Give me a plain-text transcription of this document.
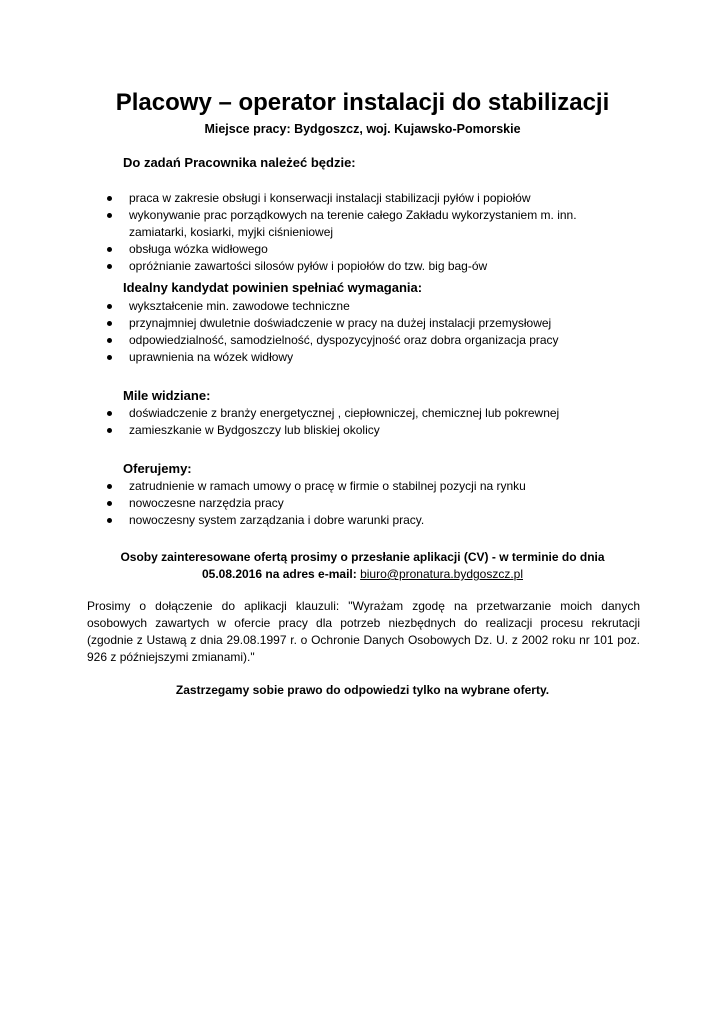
Placowy – operator instalacji do stabilizacji
Miejsce pracy: Bydgoszcz, woj. Kujawsko-Pomorskie
Do zadań Pracownika należeć będzie:
praca w zakresie obsługi i konserwacji instalacji stabilizacji pyłów i popiołów
wykonywanie prac porządkowych na terenie całego Zakładu wykorzystaniem m. inn.
zamiatarki, kosiarki, myjki ciśnieniowej
obsługa wózka widłowego
opróżnianie zawartości silosów pyłów i popiołów do tzw. big bag-ów
Idealny kandydat powinien spełniać wymagania:
wykształcenie min. zawodowe techniczne
przynajmniej dwuletnie doświadczenie w pracy na dużej instalacji przemysłowej
odpowiedzialność, samodzielność, dyspozycyjność oraz dobra organizacja pracy
uprawnienia na wózek widłowy
Mile widziane:
doświadczenie z branży energetycznej , ciepłowniczej, chemicznej lub pokrewnej
zamieszkanie w Bydgoszczy lub bliskiej okolicy
Oferujemy:
zatrudnienie w ramach umowy o pracę w firmie o stabilnej pozycji na rynku
nowoczesne narzędzia pracy
nowoczesny system zarządzania i dobre warunki pracy.
Osoby zainteresowane ofertą prosimy o przesłanie aplikacji (CV) - w terminie do dnia
05.08.2016 na adres e-mail: biuro@pronatura.bydgoszcz.pl
Prosimy o dołączenie do aplikacji klauzuli: "Wyrażam zgodę na przetwarzanie moich danych
osobowych zawartych w ofercie pracy dla potrzeb niezbędnych do realizacji procesu rekrutacji
(zgodnie z Ustawą z dnia 29.08.1997 r. o Ochronie Danych Osobowych Dz. U. z 2002 roku nr 101 poz.
926 z późniejszymi zmianami)."
Zastrzegamy sobie prawo do odpowiedzi tylko na wybrane oferty.
